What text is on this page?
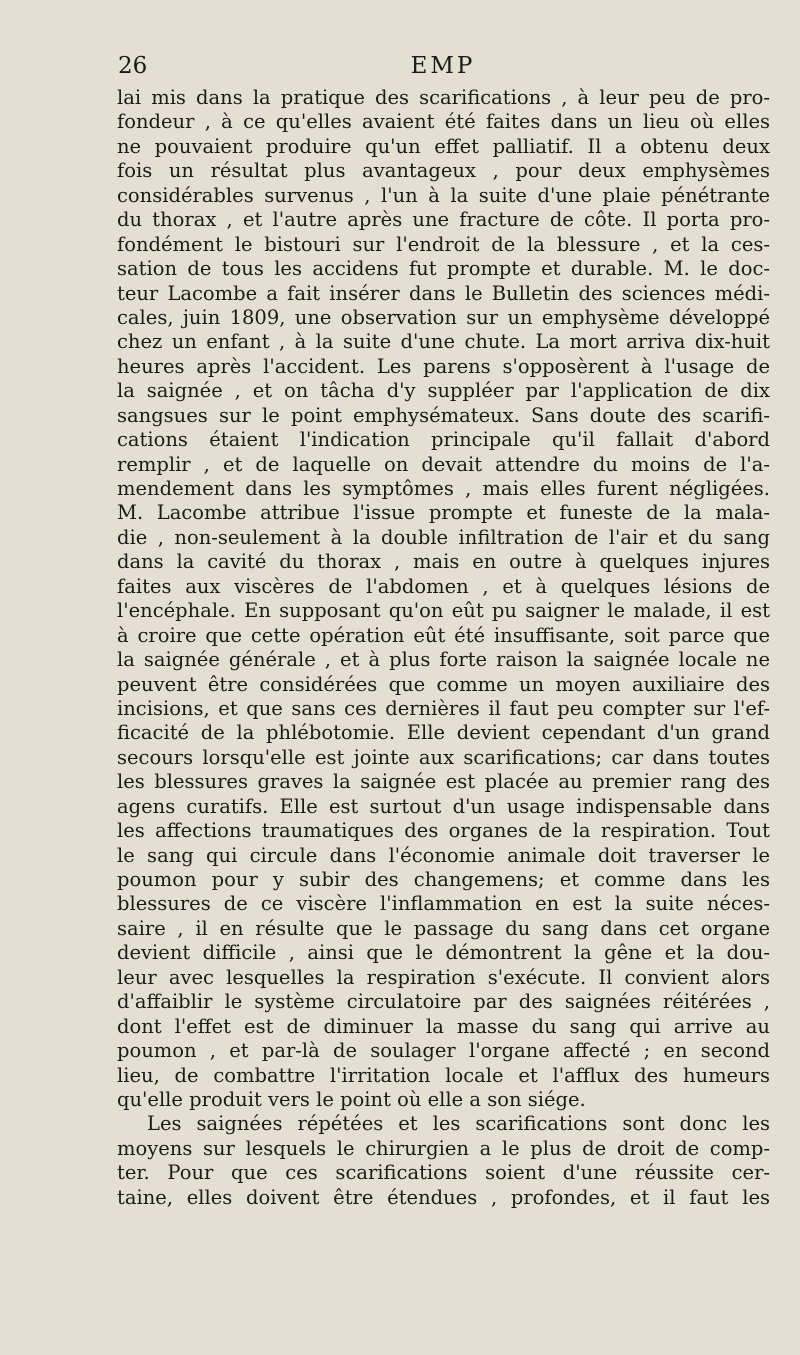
26	EMP
lai mis dans la pratique des scarifications , à leur peu de pro-
fondeur , à ce qu'elles avaient été faites dans un lieu où elles
ne pouvaient produire qu'un effet palliatif. Il a obtenu deux
fois un résultat plus avantageux , pour deux emphysèmes
considérables survenus , l'un à la suite d'une plaie pénétrante
du thorax , et l'autre après une fracture de côte. Il porta pro-
fondément le bistouri sur l'endroit de la blessure , et la ces-
sation de tous les accidens fut prompte et durable. M. le doc-
teur Lacombe a fait insérer dans le Bulletin des sciences médi-
cales, juin 1809, une observation sur un emphysème développé
chez un enfant , à la suite d'une chute. La mort arriva dix-huit
heures après l'accident. Les parens s'opposèrent à l'usage de
la saignée , et on tâcha d'y suppléer par l'application de dix
sangsues sur le point emphysémateux. Sans doute des scarifi-
cations étaient l'indication principale qu'il fallait d'abord
remplir , et de laquelle on devait attendre du moins de l'a-
mendement dans les symptômes , mais elles furent négligées.
M. Lacombe attribue l'issue prompte et funeste de la mala-
die , non-seulement à la double infiltration de l'air et du sang
dans la cavité du thorax , mais en outre à quelques injures
faites aux viscères de l'abdomen , et à quelques lésions de
l'encéphale. En supposant qu'on eût pu saigner le malade, il est
à croire que cette opération eût été insuffisante, soit parce que
la saignée générale , et à plus forte raison la saignée locale ne
peuvent être considérées que comme un moyen auxiliaire des
incisions, et que sans ces dernières il faut peu compter sur l'ef-
ficacité de la phlébotomie. Elle devient cependant d'un grand
secours lorsqu'elle est jointe aux scarifications; car dans toutes
les blessures graves la saignée est placée au premier rang des
agens curatifs. Elle est surtout d'un usage indispensable dans
les affections traumatiques des organes de la respiration. Tout
le sang qui circule dans l'économie animale doit traverser le
poumon pour y subir des changemens; et comme dans les
blessures de ce viscère l'inflammation en est la suite néces-
saire , il en résulte que le passage du sang dans cet organe
devient difficile , ainsi que le démontrent la gêne et la dou-
leur avec lesquelles la respiration s'exécute. Il convient alors
d'affaiblir le système circulatoire par des saignées réitérées ,
dont l'effet est de diminuer la masse du sang qui arrive au
poumon , et par-là de soulager l'organe affecté ; en second
lieu, de combattre l'irritation locale et l'afflux des humeurs
qu'elle produit vers le point où elle a son siége.
Les saignées répétées et les scarifications sont donc les
moyens sur lesquels le chirurgien a le plus de droit de comp-
ter. Pour que ces scarifications soient d'une réussite cer-
taine, elles doivent être étendues , profondes, et il faut les
